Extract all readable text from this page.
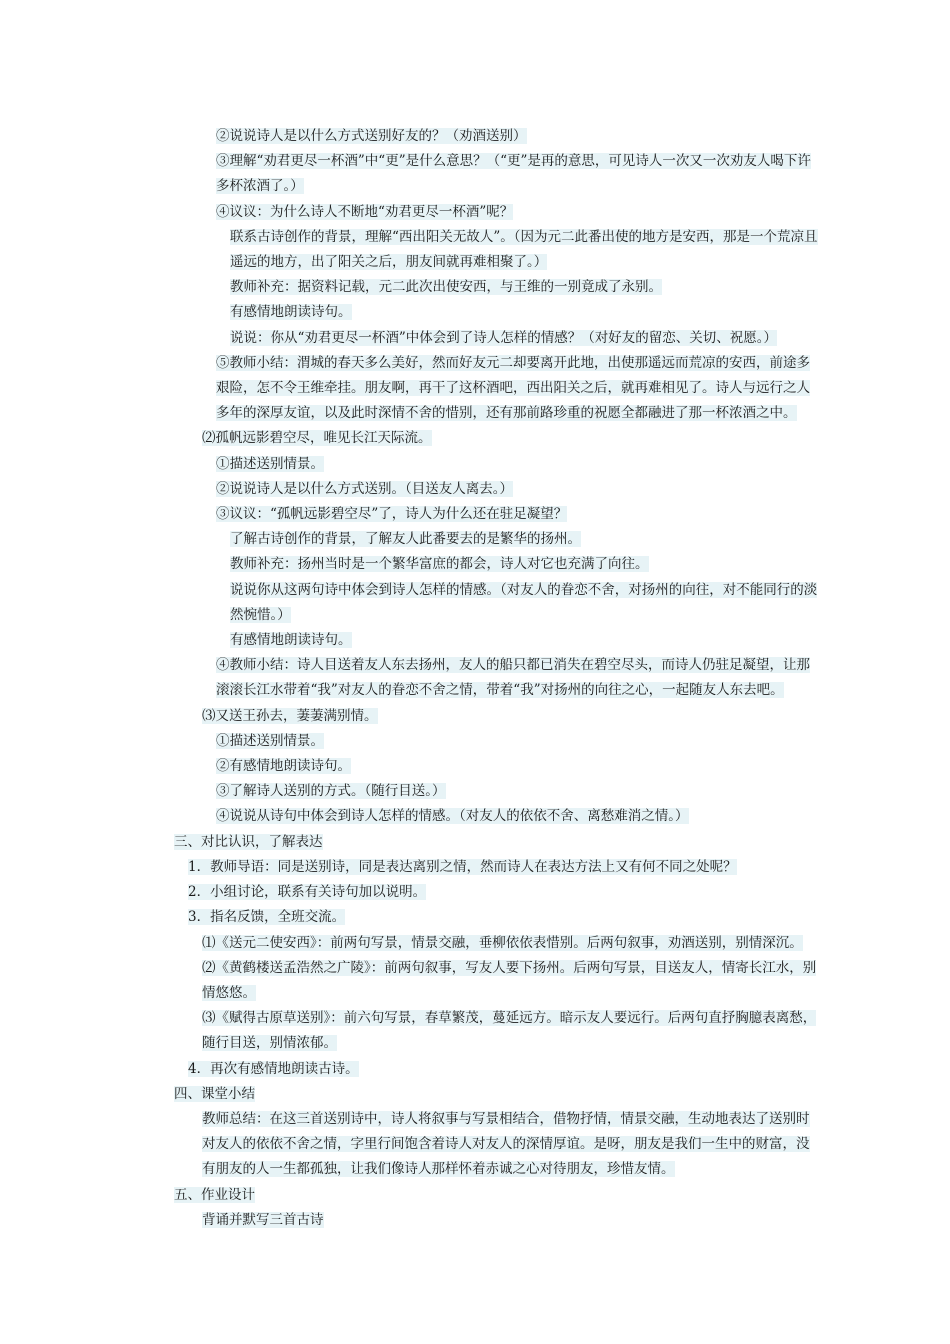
②说说诗人是以什么方式送别好友的？（劝酒送别）

③理解“劝君更尽一杯酒”中“更”是什么意思？（“更”是再的意思，可见诗人一次又一次劝友人喝下许多杯浓酒了。）

④议议：为什么诗人不断地“劝君更尽一杯酒”呢？

联系古诗创作的背景，理解“西出阳关无故人”。（因为元二此番出使的地方是安西，那是一个荒凉且遥远的地方，出了阳关之后，朋友间就再难相聚了。）

教师补充：据资料记载，元二此次出使安西，与王维的一别竟成了永别。

有感情地朗读诗句。

说说：你从“劝君更尽一杯酒”中体会到了诗人怎样的情感？（对好友的留恋、关切、祝愿。）

⑤教师小结：渭城的春天多么美好，然而好友元二却要离开此地，出使那遥远而荒凉的安西，前途多艰险，怎不令王维牵挂。朋友啊，再干了这杯酒吧，西出阳关之后，就再难相见了。诗人与远行之人多年的深厚友谊，以及此时深情不舍的惜别，还有那前路珍重的祝愿全都融进了那一杯浓酒之中。

⑵孤帆远影碧空尽，唯见长江天际流。

①描述送别情景。

②说说诗人是以什么方式送别。（目送友人离去。）

③议议：“孤帆远影碧空尽”了，诗人为什么还在驻足凝望？

了解古诗创作的背景，了解友人此番要去的是繁华的扬州。

教师补充：扬州当时是一个繁华富庶的都会，诗人对它也充满了向往。

说说你从这两句诗中体会到诗人怎样的情感。（对友人的眷恋不舍，对扬州的向往，对不能同行的淡然惋惜。）

有感情地朗读诗句。

④教师小结：诗人目送着友人东去扬州，友人的船只都已消失在碧空尽头，而诗人仍驻足凝望，让那滚滚长江水带着“我”对友人的眷恋不舍之情，带着“我”对扬州的向往之心，一起随友人东去吧。

⑶又送王孙去，萋萋满别情。

①描述送别情景。

②有感情地朗读诗句。

③了解诗人送别的方式。（随行目送。）

④说说从诗句中体会到诗人怎样的情感。（对友人的依依不舍、离愁难消之情。）

三、对比认识，了解表达

1．教师导语：同是送别诗，同是表达离别之情，然而诗人在表达方法上又有何不同之处呢？

2．小组讨论，联系有关诗句加以说明。

3．指名反馈，全班交流。

⑴《送元二使安西》：前两句写景，情景交融，垂柳依依表惜别。后两句叙事，劝酒送别，别情深沉。

⑵《黄鹤楼送孟浩然之广陵》：前两句叙事，写友人要下扬州。后两句写景，目送友人，情寄长江水，别情悠悠。

⑶《赋得古原草送别》：前六句写景，春草繁茂，蔓延远方。暗示友人要远行。后两句直抒胸臆表离愁，随行目送，别情浓郁。

4．再次有感情地朗读古诗。

四、课堂小结

教师总结：在这三首送别诗中，诗人将叙事与写景相结合，借物抒情，情景交融，生动地表达了送别时对友人的依依不舍之情，字里行间饱含着诗人对友人的深情厚谊。是呀，朋友是我们一生中的财富，没有朋友的人一生都孤独，让我们像诗人那样怀着赤诚之心对待朋友，珍惜友情。

五、作业设计

背诵并默写三首古诗
